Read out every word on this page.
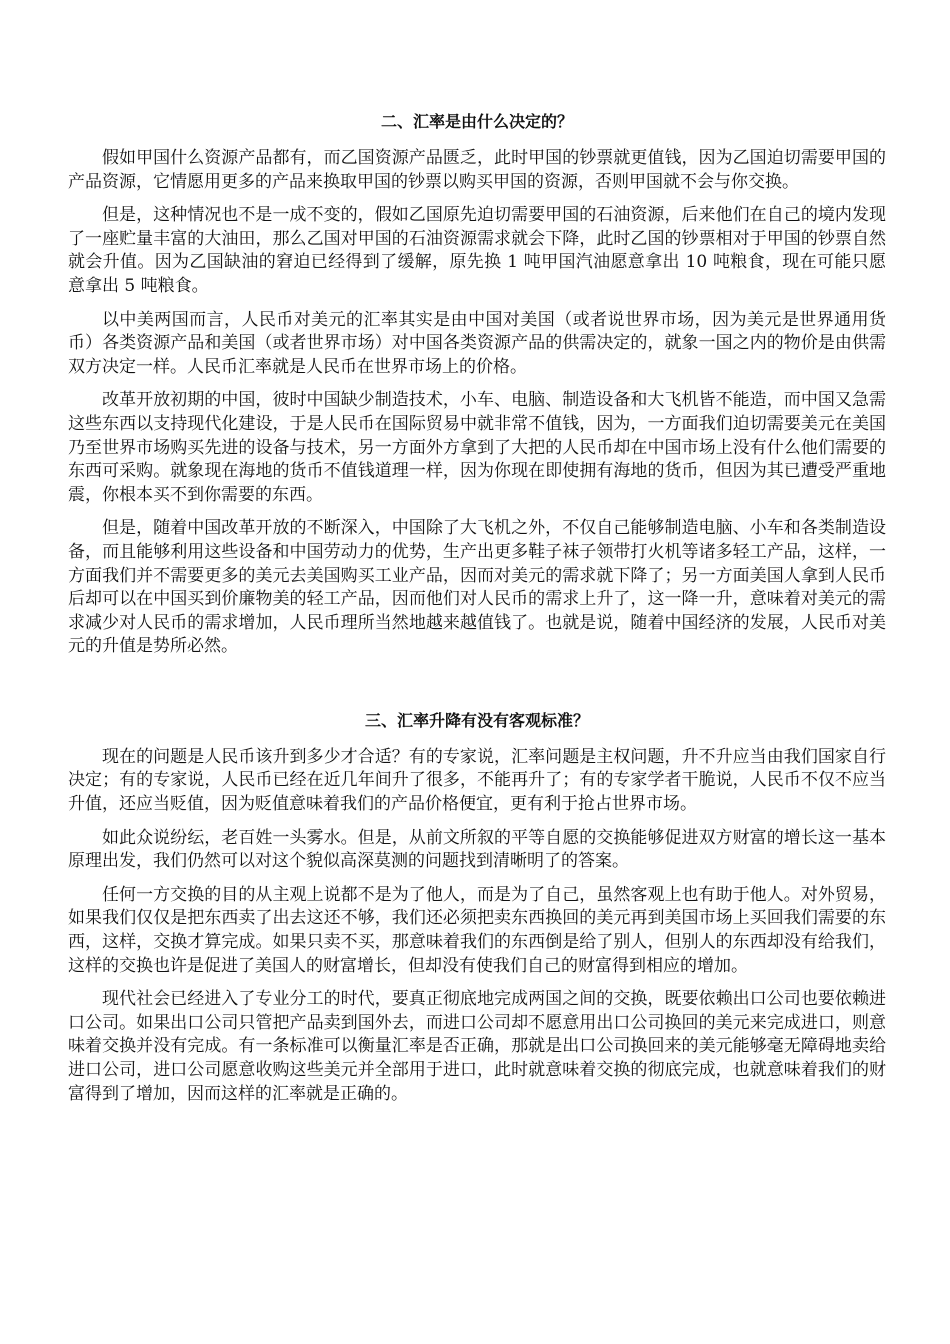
二、汇率是由什么决定的？

假如甲国什么资源产品都有，而乙国资源产品匮乏，此时甲国的钞票就更值钱，因为乙国迫切需要甲国的产品资源，它情愿用更多的产品来换取甲国的钞票以购买甲国的资源，否则甲国就不会与你交换。

但是，这种情况也不是一成不变的，假如乙国原先迫切需要甲国的石油资源，后来他们在自己的境内发现了一座贮量丰富的大油田，那么乙国对甲国的石油资源需求就会下降，此时乙国的钞票相对于甲国的钞票自然就会升值。因为乙国缺油的窘迫已经得到了缓解，原先换 1 吨甲国汽油愿意拿出 10 吨粮食，现在可能只愿意拿出 5 吨粮食。

以中美两国而言，人民币对美元的汇率其实是由中国对美国（或者说世界市场，因为美元是世界通用货币）各类资源产品和美国（或者世界市场）对中国各类资源产品的供需决定的，就象一国之内的物价是由供需双方决定一样。人民币汇率就是人民币在世界市场上的价格。

改革开放初期的中国，彼时中国缺少制造技术，小车、电脑、制造设备和大飞机皆不能造，而中国又急需这些东西以支持现代化建设，于是人民币在国际贸易中就非常不值钱，因为，一方面我们迫切需要美元在美国乃至世界市场购买先进的设备与技术，另一方面外方拿到了大把的人民币却在中国市场上没有什么他们需要的东西可采购。就象现在海地的货币不值钱道理一样，因为你现在即使拥有海地的货币，但因为其已遭受严重地震，你根本买不到你需要的东西。

但是，随着中国改革开放的不断深入，中国除了大飞机之外，不仅自己能够制造电脑、小车和各类制造设备，而且能够利用这些设备和中国劳动力的优势，生产出更多鞋子袜子领带打火机等诸多轻工产品，这样，一方面我们并不需要更多的美元去美国购买工业产品，因而对美元的需求就下降了；另一方面美国人拿到人民币后却可以在中国买到价廉物美的轻工产品，因而他们对人民币的需求上升了，这一降一升，意味着对美元的需求减少对人民币的需求增加，人民币理所当然地越来越值钱了。也就是说，随着中国经济的发展，人民币对美元的升值是势所必然。

三、汇率升降有没有客观标准？

现在的问题是人民币该升到多少才合适？有的专家说，汇率问题是主权问题，升不升应当由我们国家自行决定；有的专家说，人民币已经在近几年间升了很多，不能再升了；有的专家学者干脆说，人民币不仅不应当升值，还应当贬值，因为贬值意味着我们的产品价格便宜，更有利于抢占世界市场。

如此众说纷纭，老百姓一头雾水。但是，从前文所叙的平等自愿的交换能够促进双方财富的增长这一基本原理出发，我们仍然可以对这个貌似高深莫测的问题找到清晰明了的答案。

任何一方交换的目的从主观上说都不是为了他人，而是为了自己，虽然客观上也有助于他人。对外贸易，如果我们仅仅是把东西卖了出去这还不够，我们还必须把卖东西换回的美元再到美国市场上买回我们需要的东西，这样，交换才算完成。如果只卖不买，那意味着我们的东西倒是给了别人，但别人的东西却没有给我们，这样的交换也许是促进了美国人的财富增长，但却没有使我们自己的财富得到相应的增加。

现代社会已经进入了专业分工的时代，要真正彻底地完成两国之间的交换，既要依赖出口公司也要依赖进口公司。如果出口公司只管把产品卖到国外去，而进口公司却不愿意用出口公司换回的美元来完成进口，则意味着交换并没有完成。有一条标准可以衡量汇率是否正确，那就是出口公司换回来的美元能够毫无障碍地卖给进口公司，进口公司愿意收购这些美元并全部用于进口，此时就意味着交换的彻底完成，也就意味着我们的财富得到了增加，因而这样的汇率就是正确的。
